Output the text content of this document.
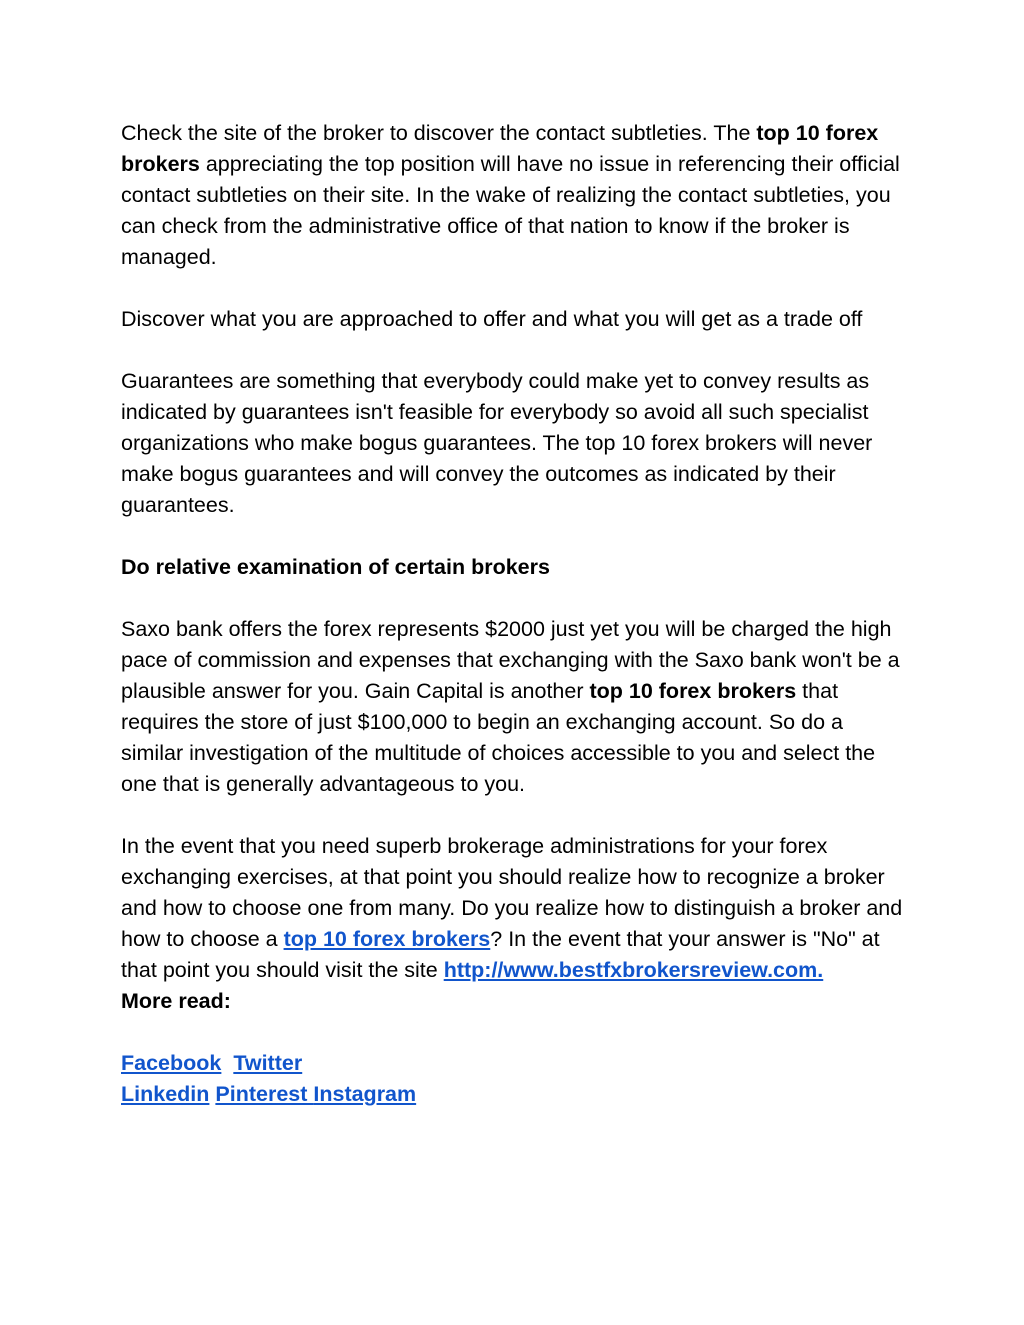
Check the site of the broker to discover the contact subtleties. The top 10 forex brokers appreciating the top position will have no issue in referencing their official contact subtleties on their site. In the wake of realizing the contact subtleties, you can check from the administrative office of that nation to know if the broker is managed.

Discover what you are approached to offer and what you will get as a trade off

Guarantees are something that everybody could make yet to convey results as indicated by guarantees isn't feasible for everybody so avoid all such specialist organizations who make bogus guarantees. The top 10 forex brokers will never make bogus guarantees and will convey the outcomes as indicated by their guarantees.

Do relative examination of certain brokers

Saxo bank offers the forex represents $2000 just yet you will be charged the high pace of commission and expenses that exchanging with the Saxo bank won't be a plausible answer for you. Gain Capital is another top 10 forex brokers that requires the store of just $100,000 to begin an exchanging account. So do a similar investigation of the multitude of choices accessible to you and select the one that is generally advantageous to you.

In the event that you need superb brokerage administrations for your forex exchanging exercises, at that point you should realize how to recognize a broker and how to choose one from many. Do you realize how to distinguish a broker and how to choose a top 10 forex brokers? In the event that your answer is "No" at that point you should visit the site http://www.bestfxbrokersreview.com.

More read:

Facebook Twitter
Linkedin Pinterest Instagram
